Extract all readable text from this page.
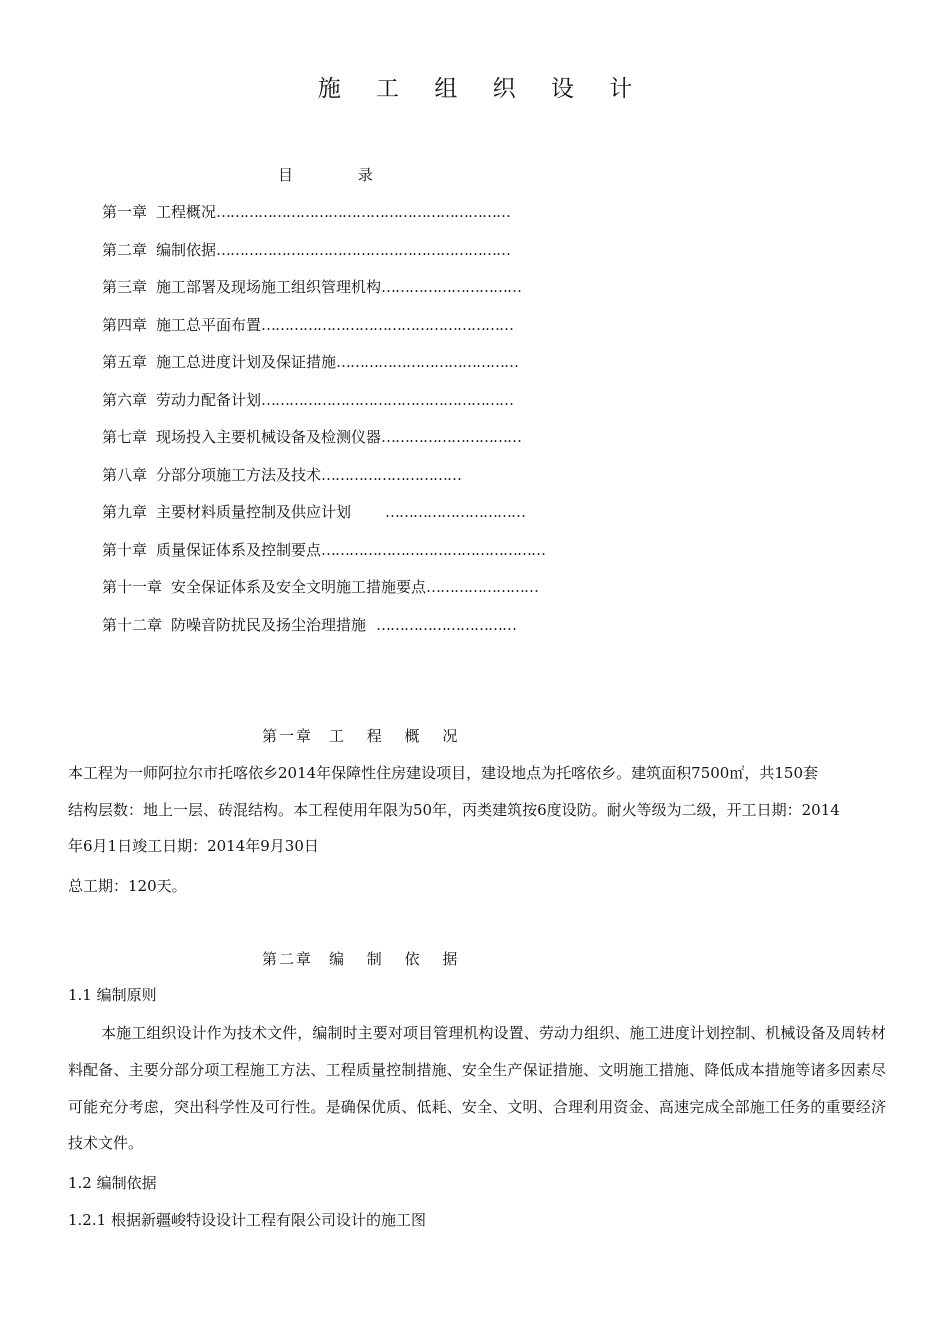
施 工 组 织 设 计
目 录
第一章 工程概况………………………………………………………
第二章 编制依据………………………………………………………
第三章 施工部署及现场施工组织管理机构…………………………
第四章 施工总平面布置………………………………………………
第五章 施工总进度计划及保证措施…………………………………
第六章 劳动力配备计划………………………………………………
第七章 现场投入主要机械设备及检测仪器…………………………
第八章 分部分项施工方法及技术…………………………
第九章 主要材料质量控制及供应计划 …………………………
第十章 质量保证体系及控制要点…………………………………………
第十一章 安全保证体系及安全文明施工措施要点……………………
第十二章 防噪音防扰民及扬尘治理措施 …………………………
第一章 工 程 概 况
本工程为一师阿拉尔市托喀依乡2014年保障性住房建设项目，建设地点为托喀依乡。建筑面积7500㎡，共150套
结构层数：地上一层、砖混结构。本工程使用年限为50年，丙类建筑按6度设防。耐火等级为二级，开工日期：2014
年6月1日竣工日期：2014年9月30日
总工期：120天。
第二章 编 制 依 据
1.1 编制原则

本施工组织设计作为技术文件，编制时主要对项目管理机构设置、劳动力组织、施工进度计划控制、机械设备及周转材料配备、主要分部分项工程施工方法、工程质量控制措施、安全生产保证措施、文明施工措施、降低成本措施等诸多因素尽可能充分考虑，突出科学性及可行性。是确保优质、低耗、安全、文明、合理利用资金、高速完成全部施工任务的重要经济技术文件。

1.2 编制依据
1.2.1 根据新疆峻特设设计工程有限公司设计的施工图
